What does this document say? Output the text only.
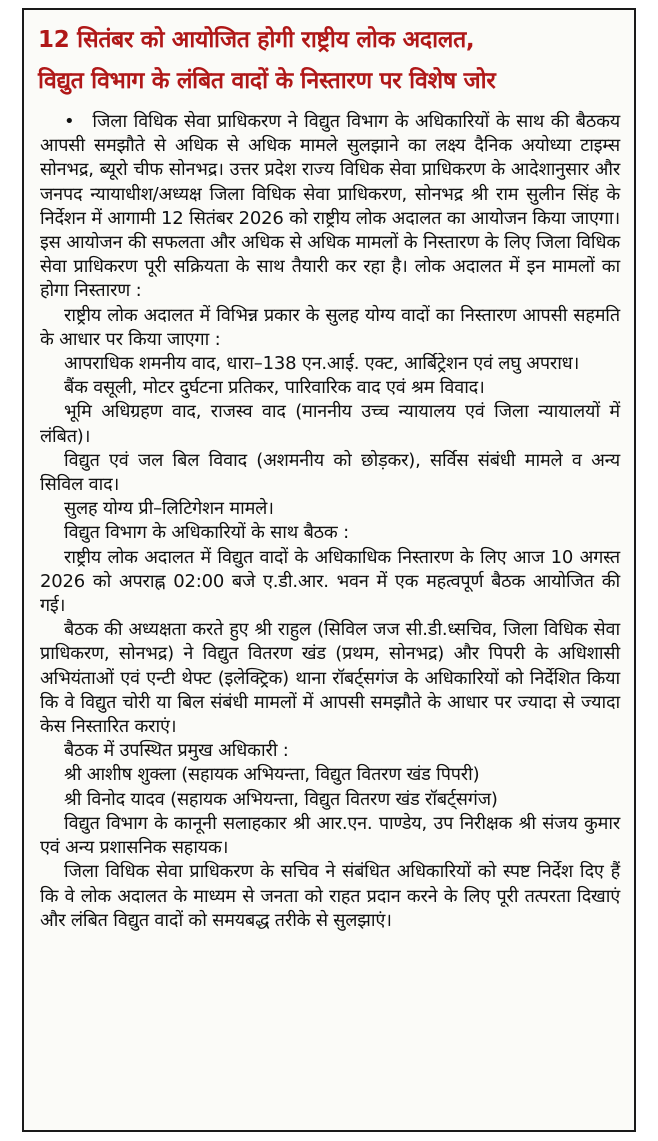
12 सितंबर को आयोजित होगी राष्ट्रीय लोक अदालत,
विद्युत विभाग के लंबित वादों के निस्तारण पर विशेष जोर

• जिला विधिक सेवा प्राधिकरण ने विद्युत विभाग के अधिकारियों के साथ की बैठकय आपसी समझौते से अधिक से अधिक मामले सुलझाने का लक्ष्य दैनिक अयोध्या टाइम्स सोनभद्र, ब्यूरो चीफ सोनभद्र। उत्तर प्रदेश राज्य विधिक सेवा प्राधिकरण के आदेशानुसार और जनपद न्यायाधीश/अध्यक्ष जिला विधिक सेवा प्राधिकरण, सोनभद्र श्री राम सुलीन सिंह के निर्देशन में आगामी 12 सितंबर 2026 को राष्ट्रीय लोक अदालत का आयोजन किया जाएगा। इस आयोजन की सफलता और अधिक से अधिक मामलों के निस्तारण के लिए जिला विधिक सेवा प्राधिकरण पूरी सक्रियता के साथ तैयारी कर रहा है। लोक अदालत में इन मामलों का होगा निस्तारण :

राष्ट्रीय लोक अदालत में विभिन्न प्रकार के सुलह योग्य वादों का निस्तारण आपसी सहमति के आधार पर किया जाएगा :

आपराधिक शमनीय वाद, धारा–138 एन.आई. एक्ट, आर्बिट्रेशन एवं लघु अपराध।

बैंक वसूली, मोटर दुर्घटना प्रतिकर, पारिवारिक वाद एवं श्रम विवाद।

भूमि अधिग्रहण वाद, राजस्व वाद (माननीय उच्च न्यायालय एवं जिला न्यायालयों में लंबित)।

विद्युत एवं जल बिल विवाद (अशमनीय को छोड़कर), सर्विस संबंधी मामले व अन्य सिविल वाद।

सुलह योग्य प्री–लिटिगेशन मामले।

विद्युत विभाग के अधिकारियों के साथ बैठक :

राष्ट्रीय लोक अदालत में विद्युत वादों के अधिकाधिक निस्तारण के लिए आज 10 अगस्त 2026 को अपराह्न 02:00 बजे ए.डी.आर. भवन में एक महत्वपूर्ण बैठक आयोजित की गई।

बैठक की अध्यक्षता करते हुए श्री राहुल (सिविल जज सी.डी.ध्सचिव, जिला विधिक सेवा प्राधिकरण, सोनभद्र) ने विद्युत वितरण खंड (प्रथम, सोनभद्र) और पिपरी के अधिशासी अभियंताओं एवं एन्टी थेफ्ट (इलेक्ट्रिक) थाना रॉबर्ट्सगंज के अधिकारियों को निर्देशित किया कि वे विद्युत चोरी या बिल संबंधी मामलों में आपसी समझौते के आधार पर ज्यादा से ज्यादा केस निस्तारित कराएं।

बैठक में उपस्थित प्रमुख अधिकारी :

श्री आशीष शुक्ला (सहायक अभियन्ता, विद्युत वितरण खंड पिपरी)

श्री विनोद यादव (सहायक अभियन्ता, विद्युत वितरण खंड रॉबर्ट्सगंज)

विद्युत विभाग के कानूनी सलाहकार श्री आर.एन. पाण्डेय, उप निरीक्षक श्री संजय कुमार एवं अन्य प्रशासनिक सहायक।

जिला विधिक सेवा प्राधिकरण के सचिव ने संबंधित अधिकारियों को स्पष्ट निर्देश दिए हैं कि वे लोक अदालत के माध्यम से जनता को राहत प्रदान करने के लिए पूरी तत्परता दिखाएं और लंबित विद्युत वादों को समयबद्ध तरीके से सुलझाएं।
